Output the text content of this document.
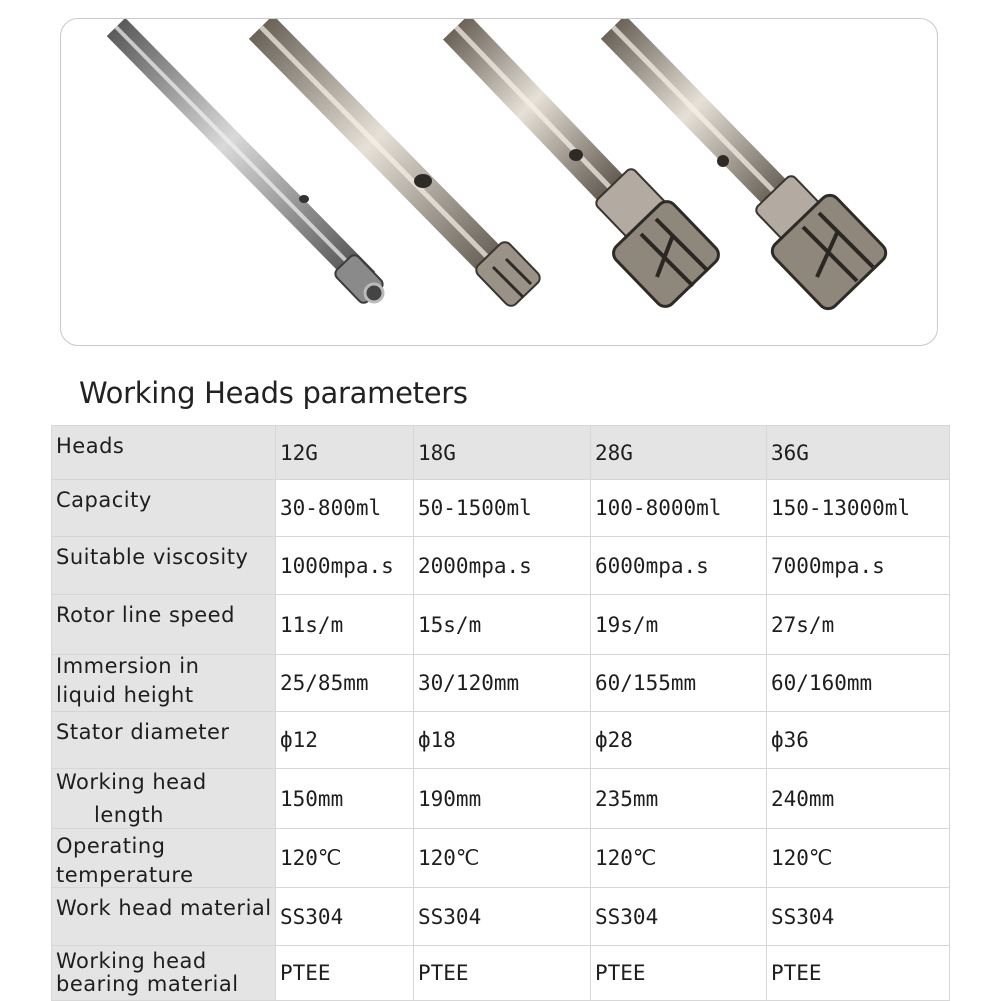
Working Heads parameters
Heads	12G	18G	28G	36G

Capacity	30-800ml	50-1500ml	100-8000ml	150-13000ml

Suitable viscosity	1000mpa.s	2000mpa.s	6000mpa.s	7000mpa.s

Rotor line speed	11s/m	15s/m	19s/m	27s/m

Immersion in
liquid height	25/85mm	30/120mm	60/155mm	60/160mm

Stator diameter	ф12	ф18	ф28	ф36

Working head
length	150mm	190mm	235mm	240mm

Operating
temperature	120℃	120℃	120℃	120℃

Work head material	SS304	SS304	SS304	SS304

Working head
bearing material	PTEE	PTEE	PTEE	PTEE
